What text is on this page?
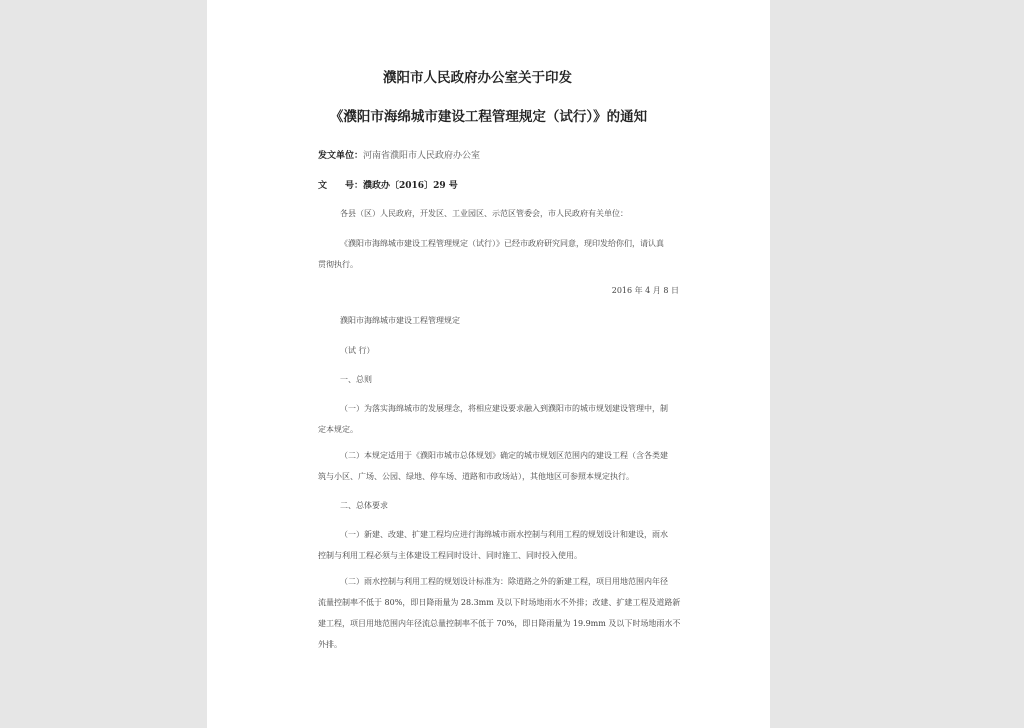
濮阳市人民政府办公室关于印发
《濮阳市海绵城市建设工程管理规定（试行）》的通知
发文单位：河南省濮阳市人民政府办公室
文　　号：濮政办〔2016〕29 号
各县（区）人民政府，开发区、工业园区、示范区管委会，市人民政府有关单位：
《濮阳市海绵城市建设工程管理规定（试行）》已经市政府研究同意，现印发给你们，请认真
贯彻执行。
2016 年 4 月 8 日
濮阳市海绵城市建设工程管理规定
（试 行）
一、总则
（一）为落实海绵城市的发展理念，将相应建设要求融入到濮阳市的城市规划建设管理中，制
定本规定。
（二）本规定适用于《濮阳市城市总体规划》确定的城市规划区范围内的建设工程（含各类建
筑与小区、广场、公园、绿地、停车场、道路和市政场站），其他地区可参照本规定执行。
二、总体要求
（一）新建、改建、扩建工程均应进行海绵城市雨水控制与利用工程的规划设计和建设，雨水
控制与利用工程必须与主体建设工程同时设计、同时施工、同时投入使用。
（二）雨水控制与利用工程的规划设计标准为：除道路之外的新建工程，项目用地范围内年径
流量控制率不低于 80%，即日降雨量为 28.3mm 及以下时场地雨水不外排；改建、扩建工程及道路新
建工程，项目用地范围内年径流总量控制率不低于 70%，即日降雨量为 19.9mm 及以下时场地雨水不
外排。
